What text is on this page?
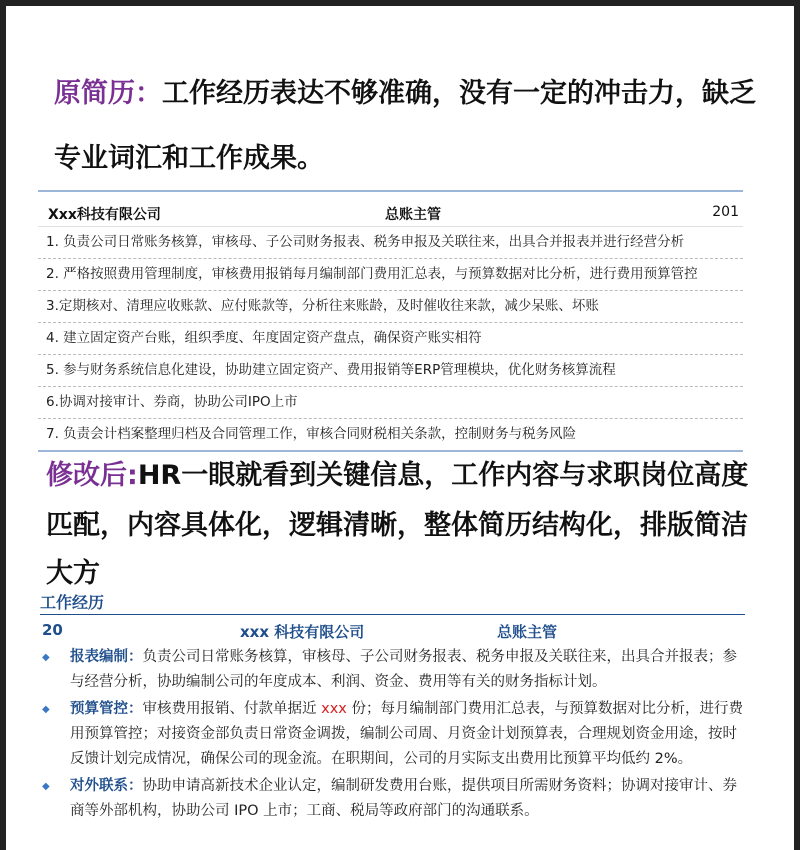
原简历：工作经历表达不够准确，没有一定的冲击力，缺乏
专业词汇和工作成果。
Xxx科技有限公司	总账主管	201
1. 负责公司日常账务核算，审核母、子公司财务报表、税务申报及关联往来，出具合并报表并进行经营分析
2. 严格按照费用管理制度，审核费用报销每月编制部门费用汇总表，与预算数据对比分析，进行费用预算管控
3.定期核对、清理应收账款、应付账款等，分析往来账龄，及时催收往来款，减少呆账、坏账
4. 建立固定资产台账，组织季度、年度固定资产盘点，确保资产账实相符
5. 参与财务系统信息化建设，协助建立固定资产、费用报销等ERP管理模块，优化财务核算流程
6.协调对接审计、券商，协助公司IPO上市
7. 负责会计档案整理归档及合同管理工作，审核合同财税相关条款，控制财务与税务风险
修改后:HR一眼就看到关键信息，工作内容与求职岗位高度
匹配，内容具体化，逻辑清晰，整体简历结构化，排版简洁
大方
工作经历
20	xxx 科技有限公司	总账主管
◆ 报表编制：负责公司日常账务核算，审核母、子公司财务报表、税务申报及关联往来，出具合并报表；参与经营分析，协助编制公司的年度成本、利润、资金、费用等有关的财务指标计划。
◆ 预算管控：审核费用报销、付款单据近 xxx 份；每月编制部门费用汇总表，与预算数据对比分析，进行费用预算管控；对接资金部负责日常资金调拨，编制公司周、月资金计划预算表，合理规划资金用途，按时反馈计划完成情况，确保公司的现金流。在职期间，公司的月实际支出费用比预算平均低约 2%。
◆ 对外联系：协助申请高新技术企业认定，编制研发费用台账，提供项目所需财务资料；协调对接审计、券商等外部机构，协助公司 IPO 上市；工商、税局等政府部门的沟通联系。
